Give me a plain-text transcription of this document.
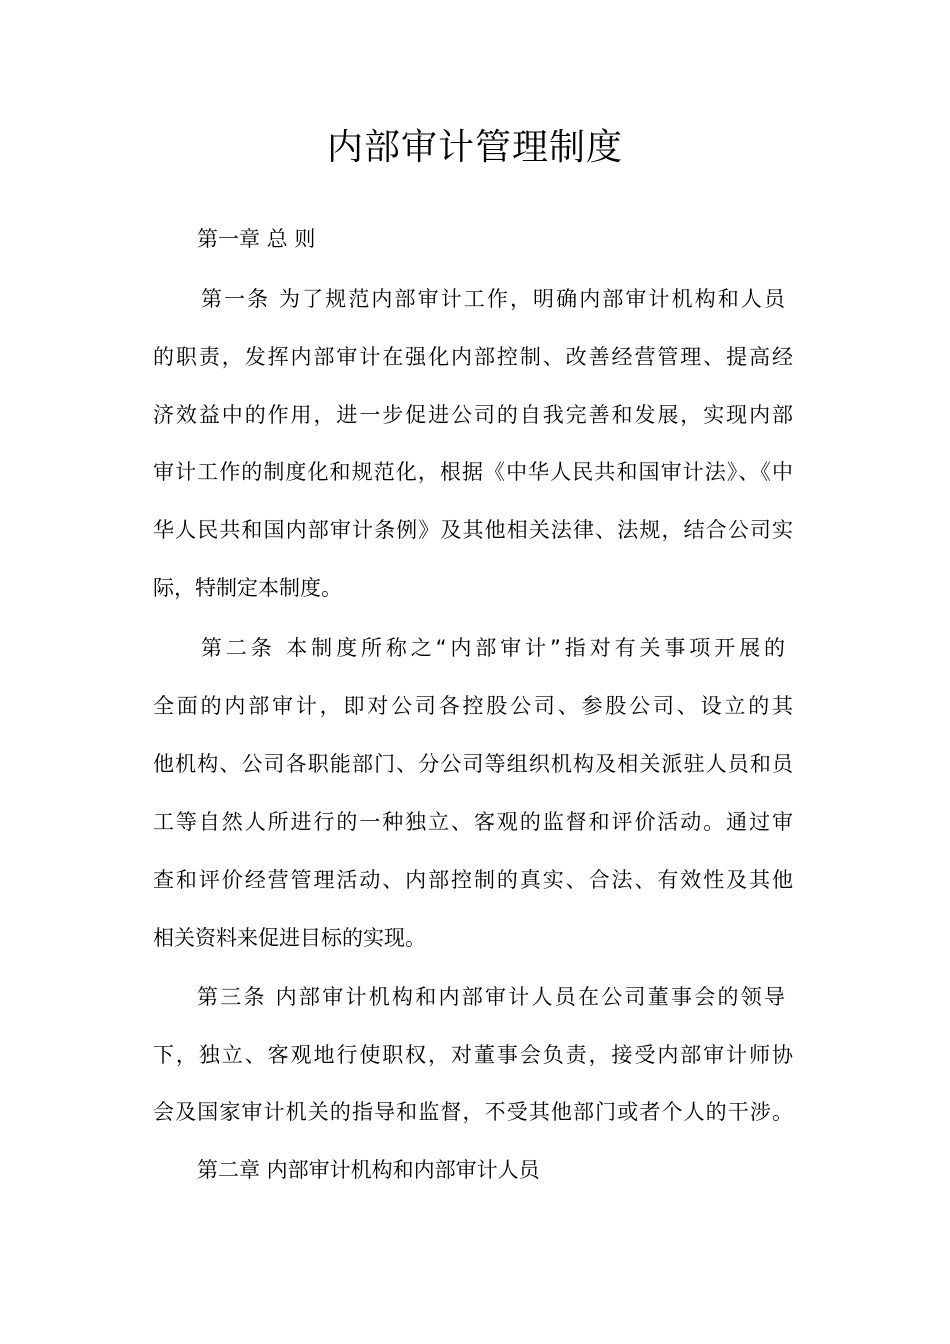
内部审计管理制度
第一章 总 则
第一条 为了规范内部审计工作，明确内部审计机构和人员
的职责，发挥内部审计在强化内部控制、改善经营管理、提高经
济效益中的作用，进一步促进公司的自我完善和发展，实现内部
审计工作的制度化和规范化，根据《中华人民共和国审计法》、《中
华人民共和国内部审计条例》及其他相关法律、法规，结合公司实
际，特制定本制度。
第二条 本制度所称之“内部审计”指对有关事项开展的
全面的内部审计，即对公司各控股公司、参股公司、设立的其
他机构、公司各职能部门、分公司等组织机构及相关派驻人员和员
工等自然人所进行的一种独立、客观的监督和评价活动。通过审
查和评价经营管理活动、内部控制的真实、合法、有效性及其他
相关资料来促进目标的实现。
第三条 内部审计机构和内部审计人员在公司董事会的领导
下，独立、客观地行使职权，对董事会负责，接受内部审计师协
会及国家审计机关的指导和监督，不受其他部门或者个人的干涉。
第二章 内部审计机构和内部审计人员
